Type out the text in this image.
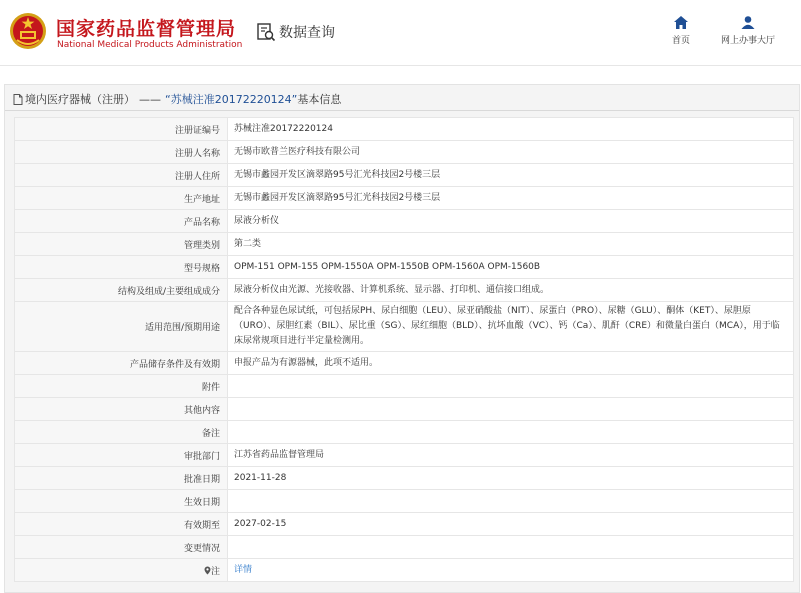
国家药品监督管理局
National Medical Products Administration
数据查询	首页	网上办事大厅
境内医疗器械（注册） —— “苏械注准20172220124” 基本信息
注册证编号	苏械注准20172220124
注册人名称	无锡市欧普兰医疗科技有限公司
注册人住所	无锡市蠡园开发区滴翠路95号汇光科技园2号楼三层
生产地址	无锡市蠡园开发区滴翠路95号汇光科技园2号楼三层
产品名称	尿液分析仪
管理类别	第二类
型号规格	OPM-151 OPM-155 OPM-1550A OPM-1550B OPM-1560A OPM-1560B
结构及组成/主要组成成分	尿液分析仪由光源、光接收器、计算机系统、显示器、打印机、通信接口组成。
适用范围/预期用途	配合各种显色尿试纸，可包括尿PH、尿白细胞（LEU）、尿亚硝酸盐（NIT）、尿蛋白（PRO）、尿糖（GLU）、酮体（KET）、尿胆原（URO）、尿胆红素（BIL）、尿比重（SG）、尿红细胞（BLD）、抗坏血酸（VC）、钙（Ca）、肌酐（CRE）和微量白蛋白（MCA），用于临床尿常规项目进行半定量检测用。
产品储存条件及有效期	申报产品为有源器械，此项不适用。
附件	
其他内容	
备注	
审批部门	江苏省药品监督管理局
批准日期	2021-11-28
生效日期	
有效期至	2027-02-15
变更情况	
注	详情
